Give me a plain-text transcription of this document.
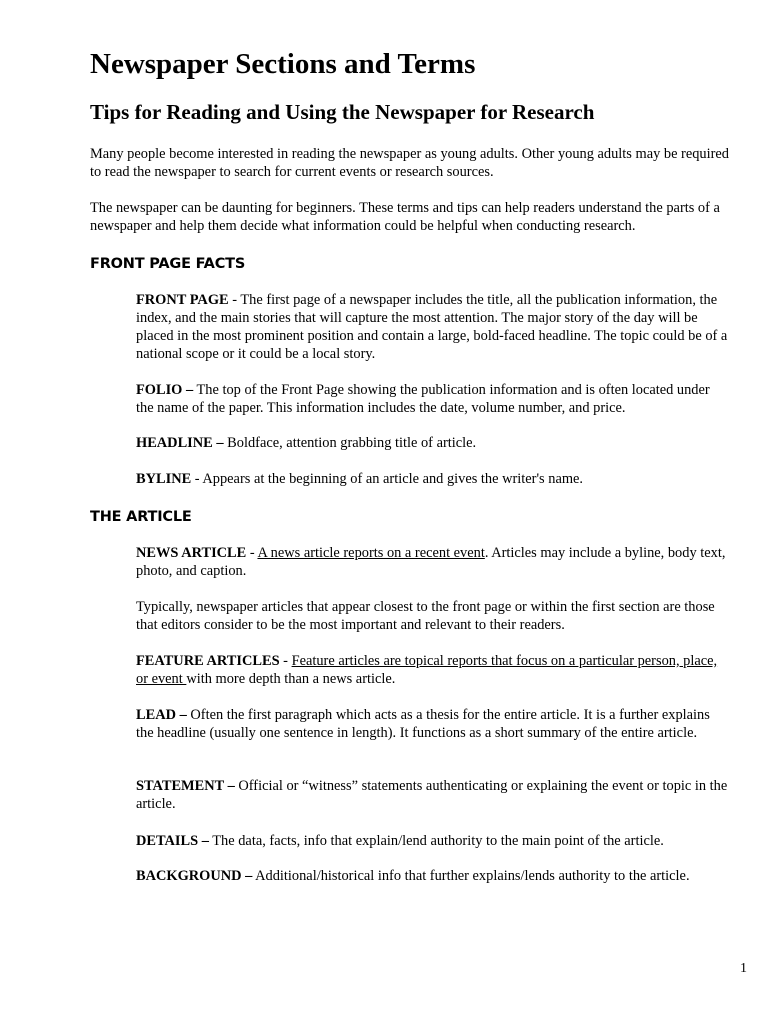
Newspaper Sections and Terms
Tips for Reading and Using the Newspaper for Research

Many people become interested in reading the newspaper as young adults. Other young adults may be required to read the newspaper to search for current events or research sources.

The newspaper can be daunting for beginners. These terms and tips can help readers understand the parts of a newspaper and help them decide what information could be helpful when conducting research.

FRONT PAGE FACTS

FRONT PAGE - The first page of a newspaper includes the title, all the publication information, the index, and the main stories that will capture the most attention. The major story of the day will be placed in the most prominent position and contain a large, bold-faced headline. The topic could be of a national scope or it could be a local story.

FOLIO – The top of the Front Page showing the publication information and is often located under the name of the paper. This information includes the date, volume number, and price.

HEADLINE – Boldface, attention grabbing title of article.

BYLINE - Appears at the beginning of an article and gives the writer's name.

THE ARTICLE

NEWS ARTICLE - A news article reports on a recent event. Articles may include a byline, body text, photo, and caption.

Typically, newspaper articles that appear closest to the front page or within the first section are those that editors consider to be the most important and relevant to their readers.

FEATURE ARTICLES - Feature articles are topical reports that focus on a particular person, place, or event with more depth than a news article.

LEAD – Often the first paragraph which acts as a thesis for the entire article. It is a further explains the headline (usually one sentence in length). It functions as a short summary of the entire article.

STATEMENT – Official or “witness” statements authenticating or explaining the event or topic in the article.

DETAILS – The data, facts, info that explain/lend authority to the main point of the article.

BACKGROUND – Additional/historical info that further explains/lends authority to the article.

1
